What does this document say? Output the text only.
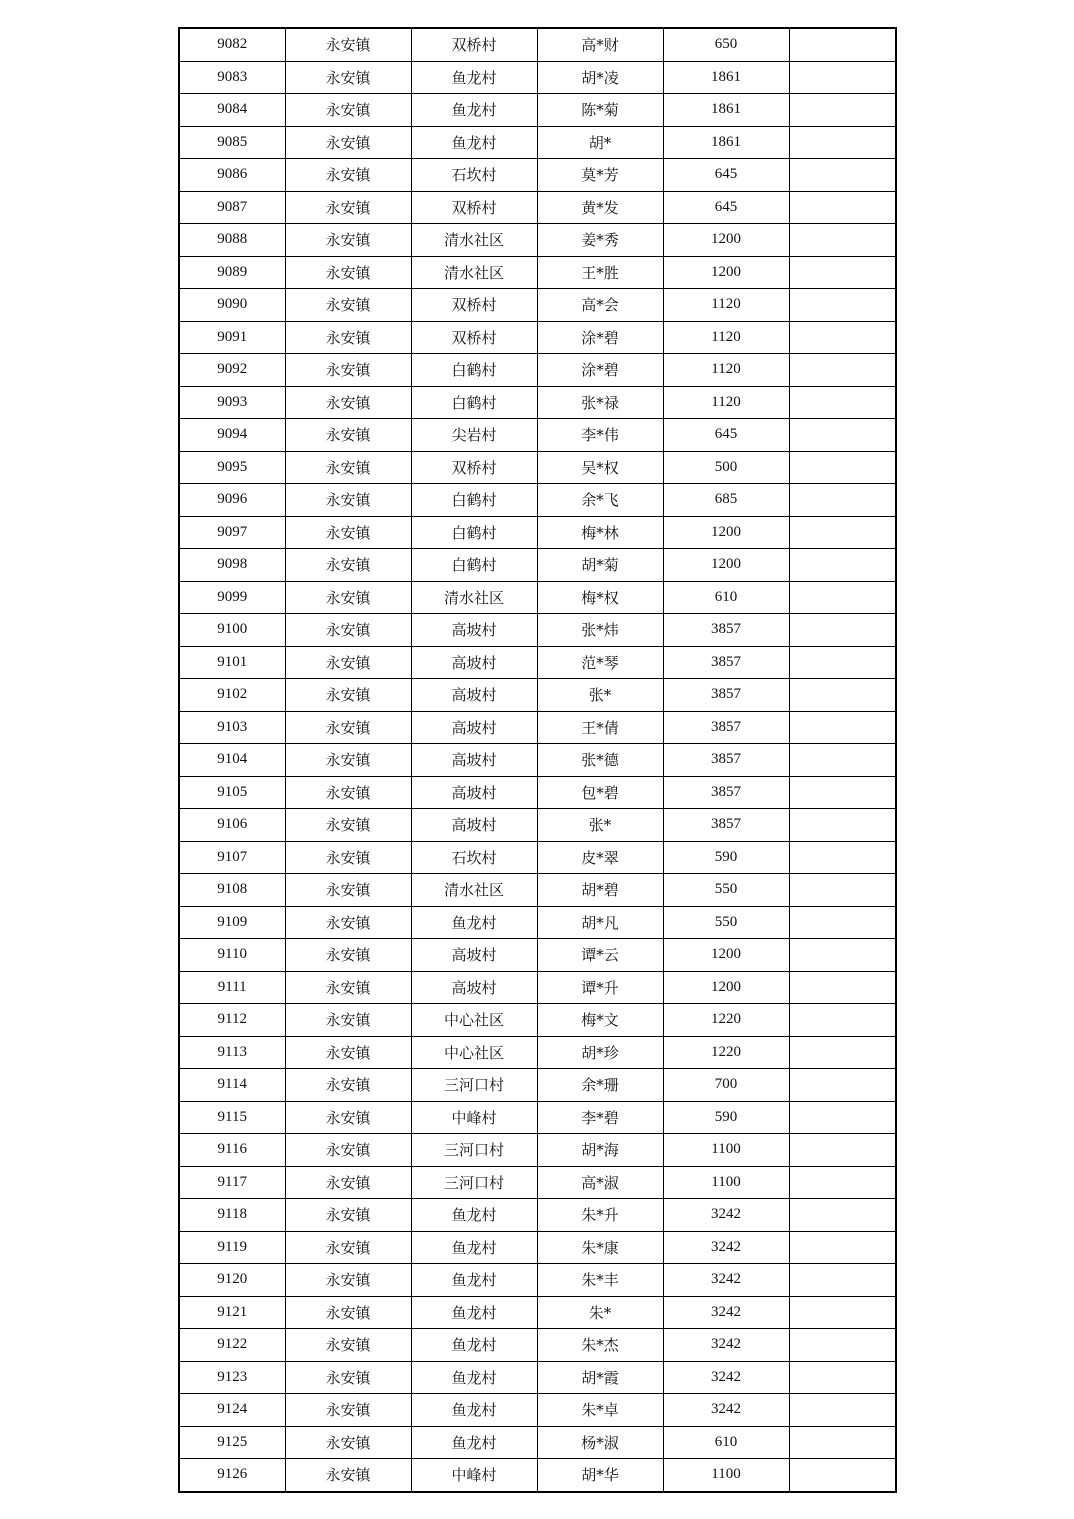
9082	永安镇	双桥村	高*财	650	
9083	永安镇	鱼龙村	胡*凌	1861	
9084	永安镇	鱼龙村	陈*菊	1861	
9085	永安镇	鱼龙村	胡*	1861	
9086	永安镇	石坎村	莫*芳	645	
9087	永安镇	双桥村	黄*发	645	
9088	永安镇	清水社区	姜*秀	1200	
9089	永安镇	清水社区	王*胜	1200	
9090	永安镇	双桥村	高*会	1120	
9091	永安镇	双桥村	涂*碧	1120	
9092	永安镇	白鹤村	涂*碧	1120	
9093	永安镇	白鹤村	张*禄	1120	
9094	永安镇	尖岩村	李*伟	645	
9095	永安镇	双桥村	吴*权	500	
9096	永安镇	白鹤村	余*飞	685	
9097	永安镇	白鹤村	梅*林	1200	
9098	永安镇	白鹤村	胡*菊	1200	
9099	永安镇	清水社区	梅*权	610	
9100	永安镇	高坡村	张*炜	3857	
9101	永安镇	高坡村	范*琴	3857	
9102	永安镇	高坡村	张*	3857	
9103	永安镇	高坡村	王*倩	3857	
9104	永安镇	高坡村	张*德	3857	
9105	永安镇	高坡村	包*碧	3857	
9106	永安镇	高坡村	张*	3857	
9107	永安镇	石坎村	皮*翠	590	
9108	永安镇	清水社区	胡*碧	550	
9109	永安镇	鱼龙村	胡*凡	550	
9110	永安镇	高坡村	谭*云	1200	
9111	永安镇	高坡村	谭*升	1200	
9112	永安镇	中心社区	梅*文	1220	
9113	永安镇	中心社区	胡*珍	1220	
9114	永安镇	三河口村	余*珊	700	
9115	永安镇	中峰村	李*碧	590	
9116	永安镇	三河口村	胡*海	1100	
9117	永安镇	三河口村	高*淑	1100	
9118	永安镇	鱼龙村	朱*升	3242	
9119	永安镇	鱼龙村	朱*康	3242	
9120	永安镇	鱼龙村	朱*丰	3242	
9121	永安镇	鱼龙村	朱*	3242	
9122	永安镇	鱼龙村	朱*杰	3242	
9123	永安镇	鱼龙村	胡*霞	3242	
9124	永安镇	鱼龙村	朱*卓	3242	
9125	永安镇	鱼龙村	杨*淑	610	
9126	永安镇	中峰村	胡*华	1100	
